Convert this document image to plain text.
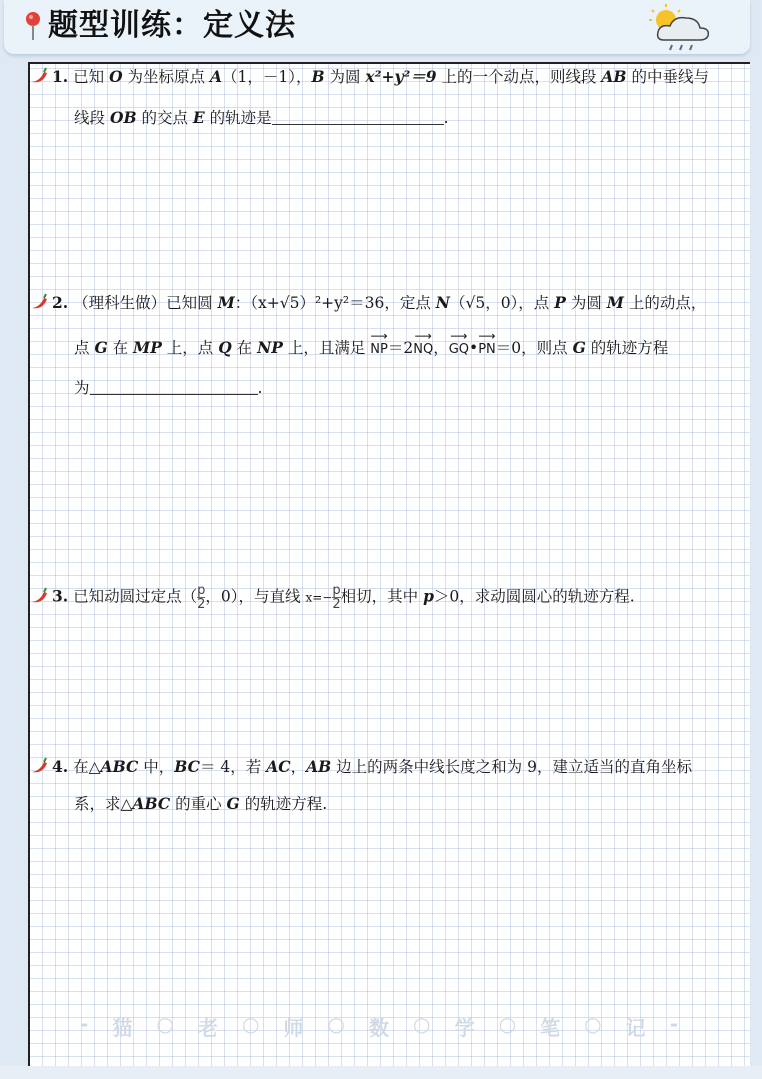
题型训练：定义法
1. 已知 O 为坐标原点 A（1，－1），B 为圆 x²+y²＝9 上的一个动点，则线段 AB 的中垂线与
线段 OB 的交点 E 的轨迹是	.
2. （理科生做）已知圆 M：（x+√5）²+y²＝36，定点 N（√5，0），点 P 为圆 M 上的动点，
点 G 在 MP 上，点 Q 在 NP 上，且满足 ⟶ NP＝2⟶ NQ，⟶ GQ•⟶ PN＝0，则点 G 的轨迹方程
为	.
3. 已知动圆过定点（ $\frac{p}{2}$ ，0），与直线 $x=- \frac{p}{2}$ 相切，其中 p＞0，求动圆圆心的轨迹方程.
4. 在△ABC 中，BC＝ 4，若 AC，AB 边上的两条中线长度之和为 9，建立适当的直角坐标
系，求△ABC 的重心 G 的轨迹方程.
- 猫 ○ 老 ○ 师 ○ 数 ○ 学 ○ 笔 ○ 记 -
